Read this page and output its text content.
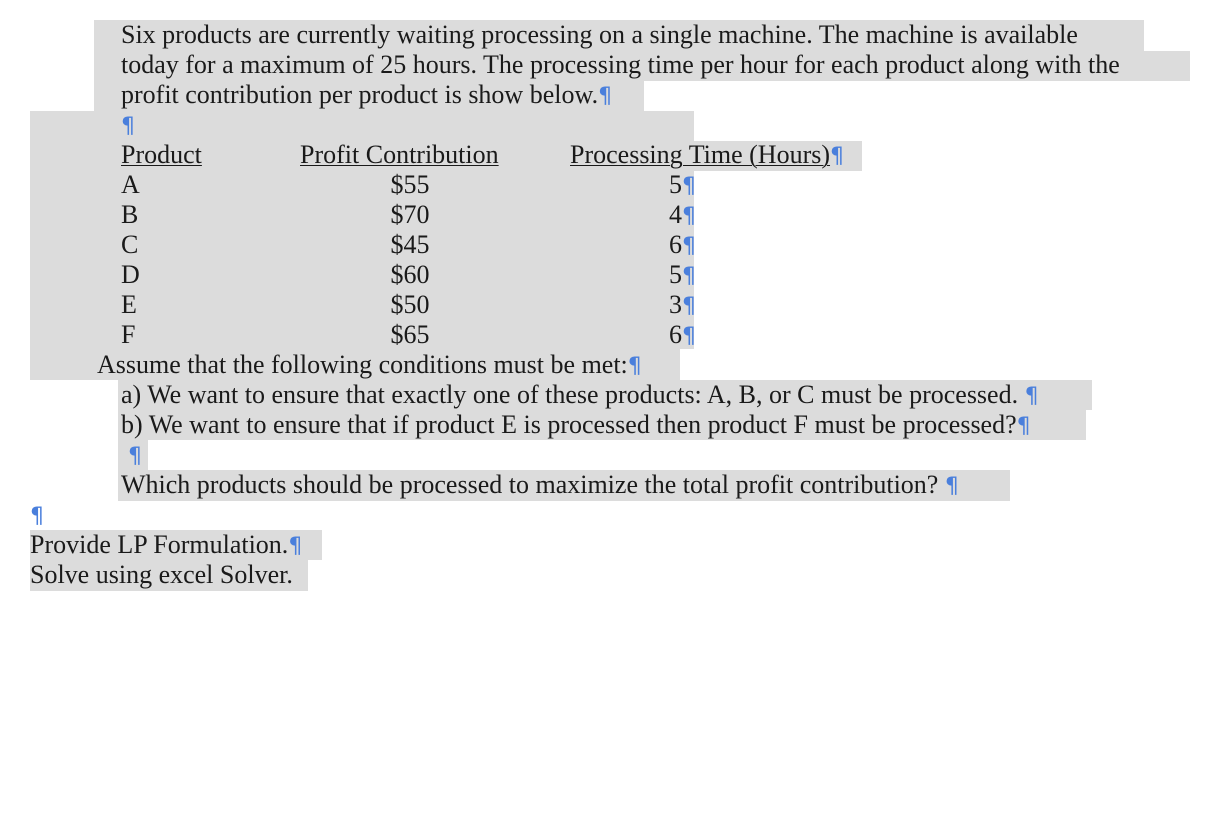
Six products are currently waiting processing on a single machine. The machine is available
today for a maximum of 25 hours. The processing time per hour for each product along with the
profit contribution per product is show below.¶
¶
Product	Profit Contribution	Processing Time (Hours)¶
A	$55	5¶
B	$70	4¶
C	$45	6¶
D	$60	5¶
E	$50	3¶
F	$65	6¶
Assume that the following conditions must be met:¶
a) We want to ensure that exactly one of these products: A, B, or C must be processed. ¶
b) We want to ensure that if product E is processed then product F must be processed?¶
¶
Which products should be processed to maximize the total profit contribution? ¶
¶
Provide LP Formulation.¶
Solve using excel Solver.
